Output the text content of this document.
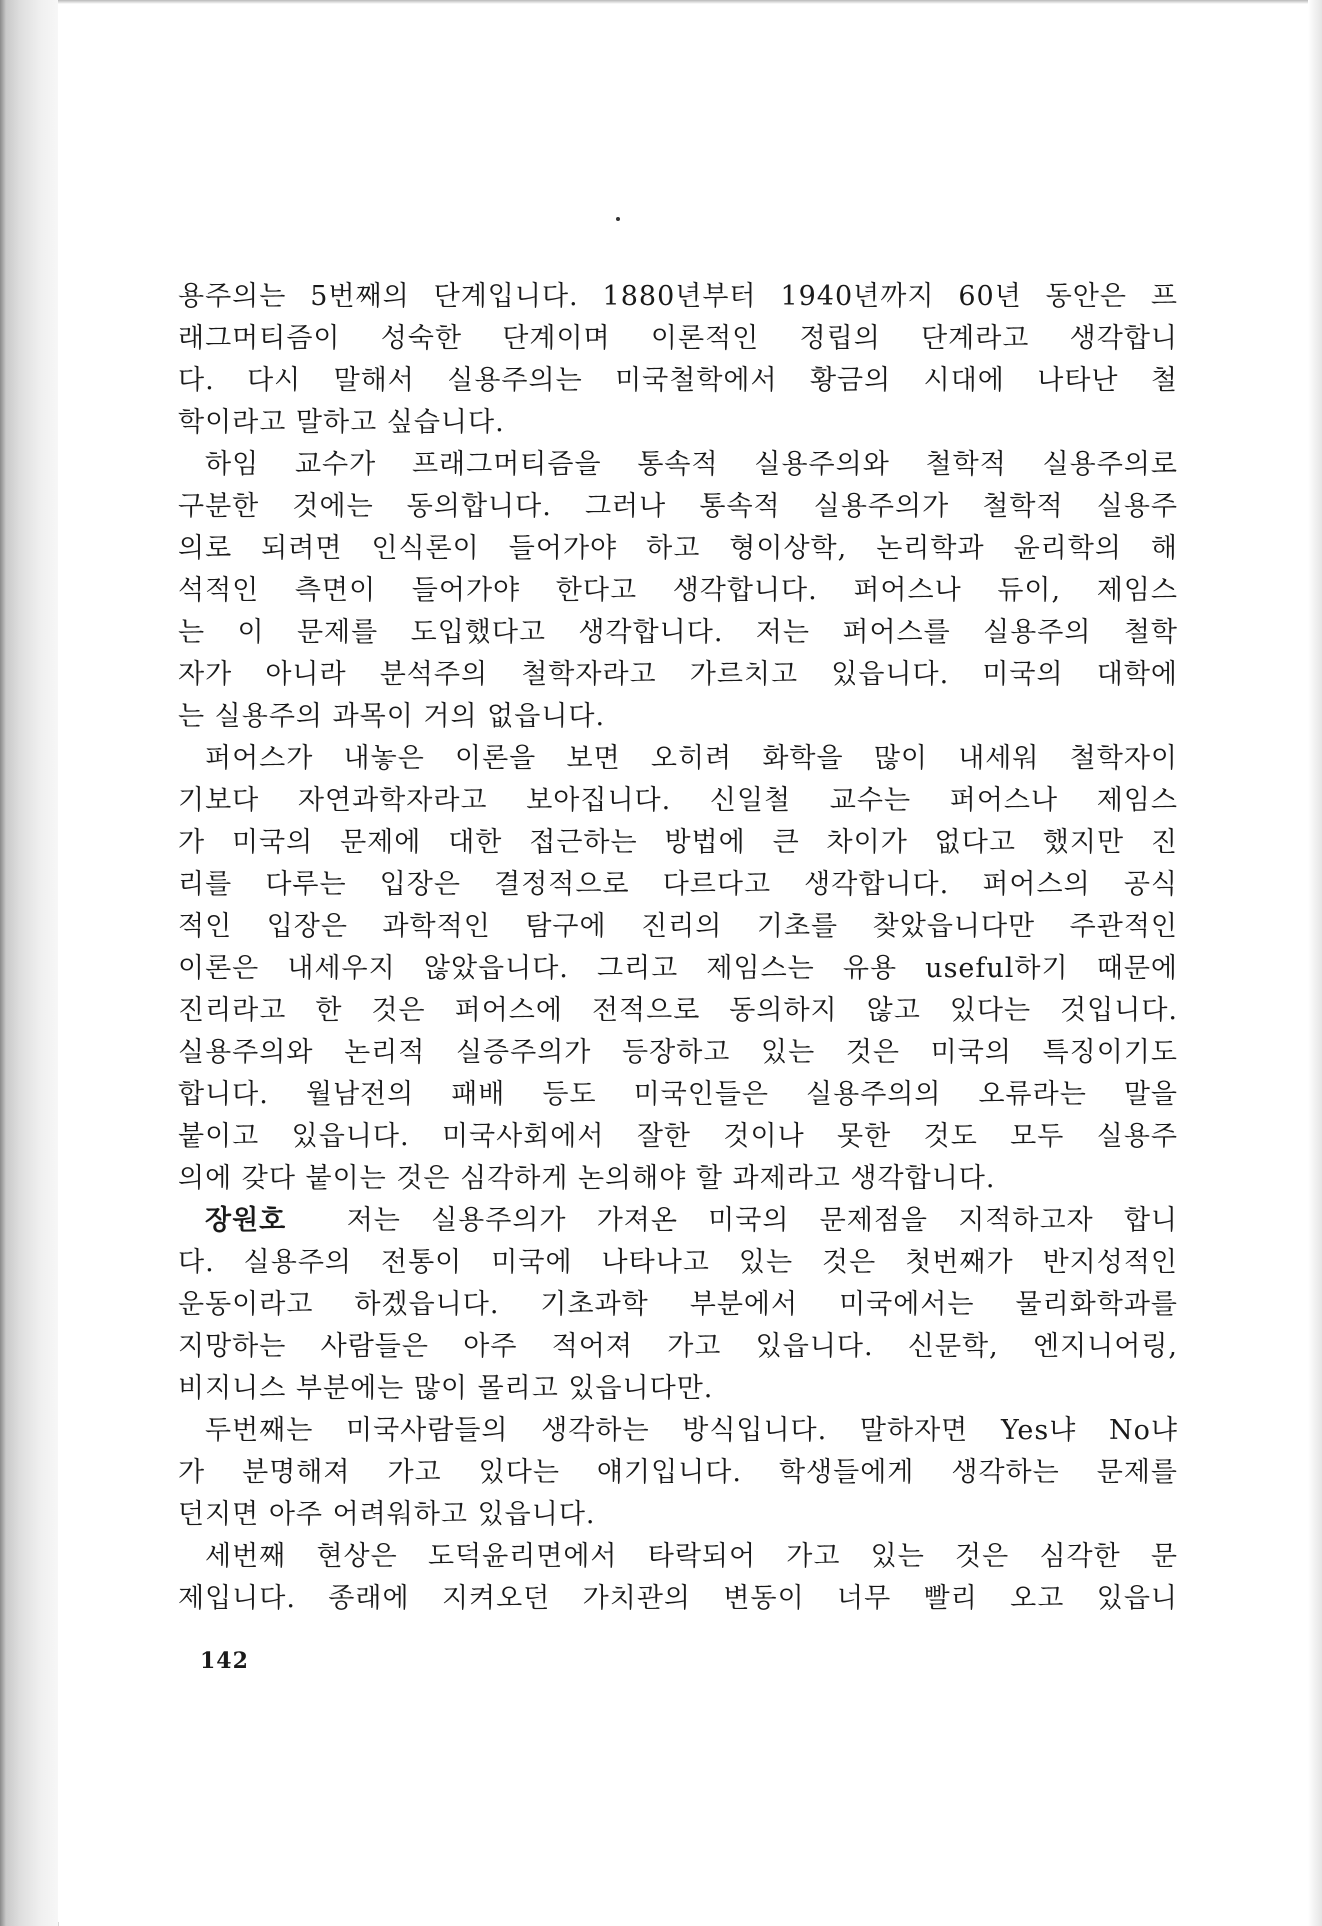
용주의는 5번째의 단계입니다. 1880년부터 1940년까지 60년 동안은 프
래그머티즘이 성숙한 단계이며 이론적인 정립의 단계라고 생각합니
다. 다시 말해서 실용주의는 미국철학에서 황금의 시대에 나타난 철
학이라고 말하고 싶습니다.
하임 교수가 프래그머티즘을 통속적 실용주의와 철학적 실용주의로
구분한 것에는 동의합니다. 그러나 통속적 실용주의가 철학적 실용주
의로 되려면 인식론이 들어가야 하고 형이상학, 논리학과 윤리학의 해
석적인 측면이 들어가야 한다고 생각합니다. 퍼어스나 듀이, 제임스
는 이 문제를 도입했다고 생각합니다. 저는 퍼어스를 실용주의 철학
자가 아니라 분석주의 철학자라고 가르치고 있읍니다. 미국의 대학에
는 실용주의 과목이 거의 없읍니다.
퍼어스가 내놓은 이론을 보면 오히려 화학을 많이 내세워 철학자이
기보다 자연과학자라고 보아집니다. 신일철 교수는 퍼어스나 제임스
가 미국의 문제에 대한 접근하는 방법에 큰 차이가 없다고 했지만 진
리를 다루는 입장은 결정적으로 다르다고 생각합니다. 퍼어스의 공식
적인 입장은 과학적인 탐구에 진리의 기초를 찾았읍니다만 주관적인
이론은 내세우지 않았읍니다. 그리고 제임스는 유용 useful하기 때문에
진리라고 한 것은 퍼어스에 전적으로 동의하지 않고 있다는 것입니다.
실용주의와 논리적 실증주의가 등장하고 있는 것은 미국의 특징이기도
합니다. 월남전의 패배 등도 미국인들은 실용주의의 오류라는 말을
붙이고 있읍니다. 미국사회에서 잘한 것이나 못한 것도 모두 실용주
의에 갖다 붙이는 것은 심각하게 논의해야 할 과제라고 생각합니다.
장원호 저는 실용주의가 가져온 미국의 문제점을 지적하고자 합니
다. 실용주의 전통이 미국에 나타나고 있는 것은 첫번째가 반지성적인
운동이라고 하겠읍니다. 기초과학 부분에서 미국에서는 물리화학과를
지망하는 사람들은 아주 적어져 가고 있읍니다. 신문학, 엔지니어링,
비지니스 부분에는 많이 몰리고 있읍니다만.
두번째는 미국사람들의 생각하는 방식입니다. 말하자면 Yes냐 No냐
가 분명해져 가고 있다는 얘기입니다. 학생들에게 생각하는 문제를
던지면 아주 어려워하고 있읍니다.
세번째 현상은 도덕윤리면에서 타락되어 가고 있는 것은 심각한 문
제입니다. 종래에 지켜오던 가치관의 변동이 너무 빨리 오고 있읍니
142
